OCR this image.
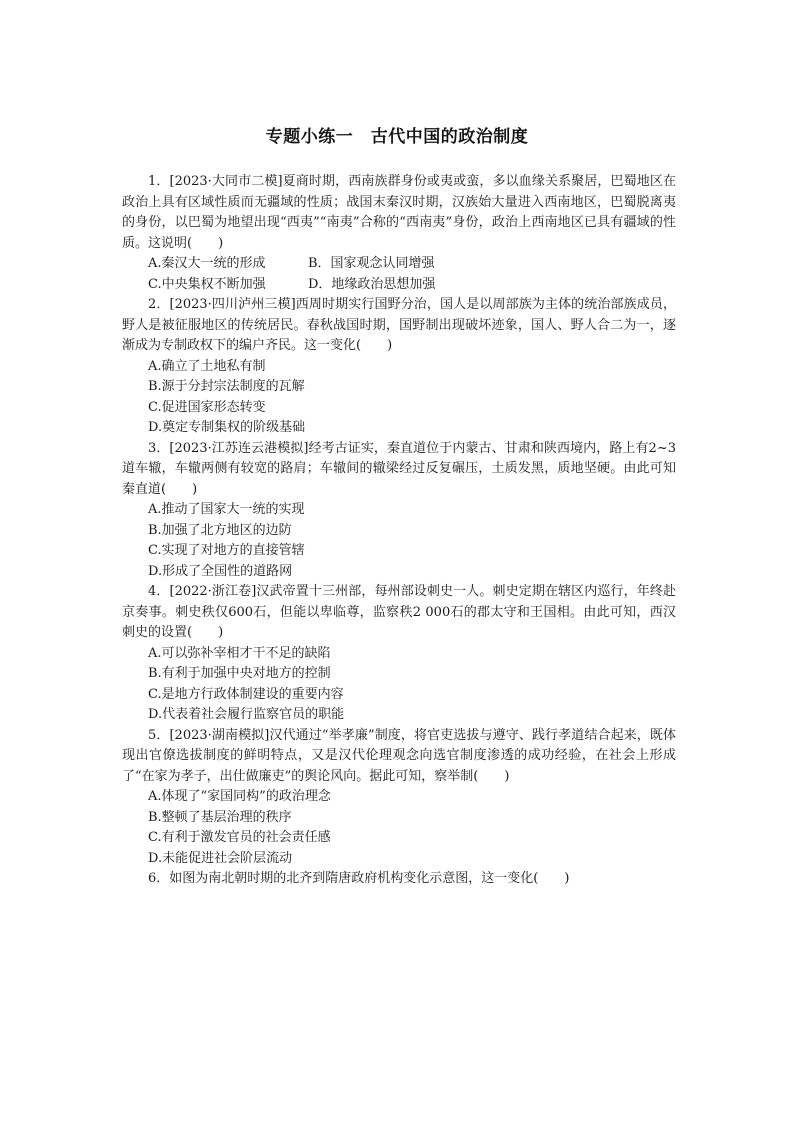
专题小练一　古代中国的政治制度

1．[2023·大同市二模]夏商时期，西南族群身份或夷或蛮，多以血缘关系聚居，巴蜀地区在政治上具有区域性质而无疆域的性质；战国末秦汉时期，汉族始大量进入西南地区，巴蜀脱离夷的身份，以巴蜀为地望出现“西夷”“南夷”合称的“西南夷”身份，政治上西南地区已具有疆域的性质。这说明(　　)

A.秦汉大一统的形成	B．国家观念认同增强

C.中央集权不断加强	D．地缘政治思想加强

2．[2023·四川泸州三模]西周时期实行国野分治，国人是以周部族为主体的统治部族成员，野人是被征服地区的传统居民。春秋战国时期，国野制出现破坏迹象，国人、野人合二为一，逐渐成为专制政权下的编户齐民。这一变化(　　)

A.确立了土地私有制

B.源于分封宗法制度的瓦解

C.促进国家形态转变

D.奠定专制集权的阶级基础

3．[2023·江苏连云港模拟]经考古证实，秦直道位于内蒙古、甘肃和陕西境内，路上有2~3道车辙，车辙两侧有较宽的路肩；车辙间的辙梁经过反复碾压，土质发黑，质地坚硬。由此可知秦直道(　　)

A.推动了国家大一统的实现

B.加强了北方地区的边防

C.实现了对地方的直接管辖

D.形成了全国性的道路网

4．[2022·浙江卷]汉武帝置十三州部，每州部设刺史一人。刺史定期在辖区内巡行，年终赴京奏事。刺史秩仅600石，但能以卑临尊，监察秩2 000石的郡太守和王国相。由此可知，西汉刺史的设置(　　)

A.可以弥补宰相才干不足的缺陷

B.有利于加强中央对地方的控制

C.是地方行政体制建设的重要内容

D.代表着社会履行监察官员的职能

5．[2023·湖南模拟]汉代通过“举孝廉”制度，将官吏选拔与遵守、践行孝道结合起来，既体现出官僚选拔制度的鲜明特点，又是汉代伦理观念向选官制度渗透的成功经验，在社会上形成了“在家为孝子，出仕做廉吏”的舆论风向。据此可知，察举制(　　)

A.体现了“家国同构”的政治理念

B.整顿了基层治理的秩序

C.有利于激发官员的社会责任感

D.未能促进社会阶层流动

6．如图为南北朝时期的北齐到隋唐政府机构变化示意图，这一变化(　　)
